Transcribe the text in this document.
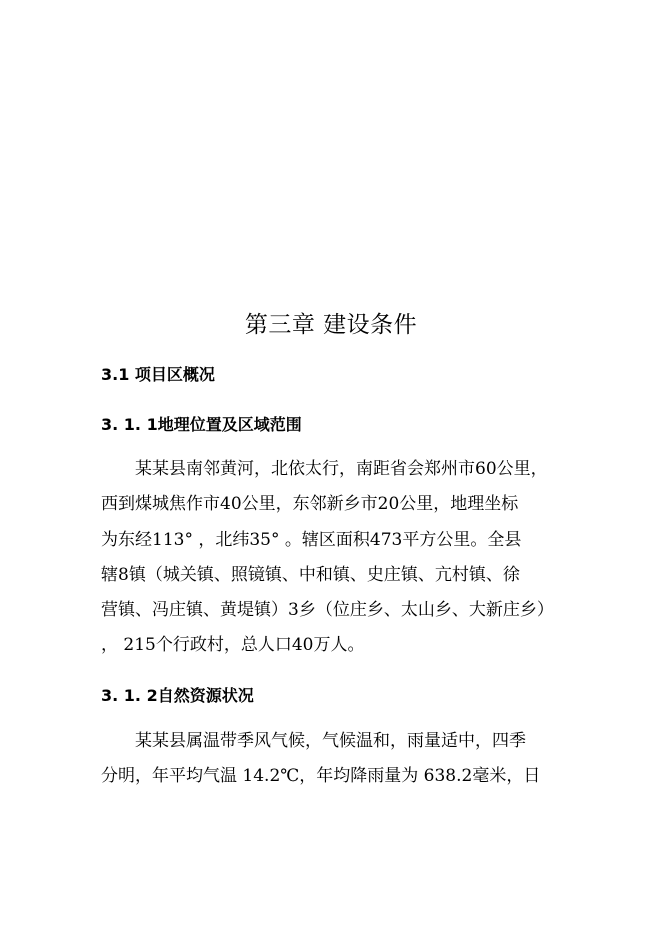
第三章 建设条件
3.1 项目区概况
3. 1. 1地理位置及区域范围
某某县南邻黄河，北依太行，南距省会郑州市60公里，
西到煤城焦作市40公里，东邻新乡市20公里，地理坐标
为东经113° ，北纬35° 。辖区面积473平方公里。全县
辖8镇（城关镇、照镜镇、中和镇、史庄镇、亢村镇、徐
营镇、冯庄镇、黄堤镇）3乡（位庄乡、太山乡、大新庄乡）
， 215个行政村，总人口40万人。
3. 1. 2自然资源状况
某某县属温带季风气候，气候温和，雨量适中，四季
分明，年平均气温 14.2℃，年均降雨量为 638.2毫米，日
